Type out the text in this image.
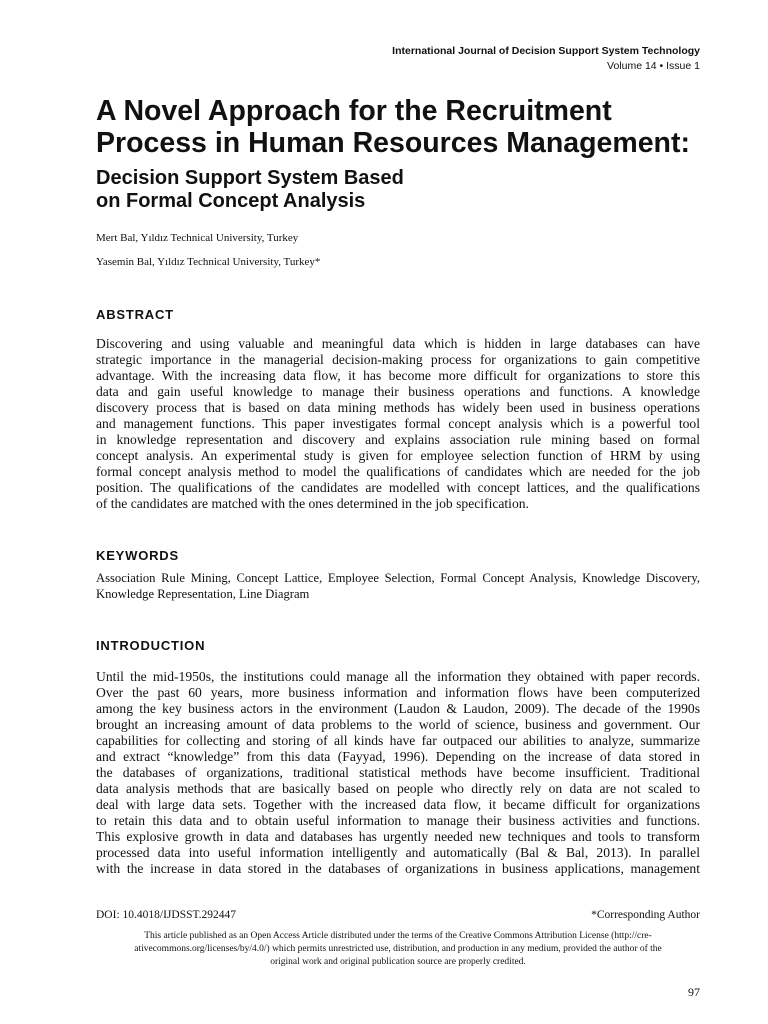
International Journal of Decision Support System Technology
Volume 14 • Issue 1
A Novel Approach for the Recruitment
Process in Human Resources Management:
Decision Support System Based
on Formal Concept Analysis
Mert Bal, Yıldız Technical University, Turkey
Yasemin Bal, Yıldız Technical University, Turkey*
ABSTRACT
Discovering and using valuable and meaningful data which is hidden in large databases can have
strategic importance in the managerial decision-making process for organizations to gain competitive
advantage. With the increasing data flow, it has become more difficult for organizations to store this
data and gain useful knowledge to manage their business operations and functions. A knowledge
discovery process that is based on data mining methods has widely been used in business operations
and management functions. This paper investigates formal concept analysis which is a powerful tool
in knowledge representation and discovery and explains association rule mining based on formal
concept analysis. An experimental study is given for employee selection function of HRM by using
formal concept analysis method to model the qualifications of candidates which are needed for the job
position. The qualifications of the candidates are modelled with concept lattices, and the qualifications
of the candidates are matched with the ones determined in the job specification.
KEYWORDS
Association Rule Mining, Concept Lattice, Employee Selection, Formal Concept Analysis, Knowledge Discovery,
Knowledge Representation, Line Diagram
INTRODUCTION
Until the mid-1950s, the institutions could manage all the information they obtained with paper records.
Over the past 60 years, more business information and information flows have been computerized
among the key business actors in the environment (Laudon & Laudon, 2009). The decade of the 1990s
brought an increasing amount of data problems to the world of science, business and government. Our
capabilities for collecting and storing of all kinds have far outpaced our abilities to analyze, summarize
and extract “knowledge” from this data (Fayyad, 1996). Depending on the increase of data stored in
the databases of organizations, traditional statistical methods have become insufficient. Traditional
data analysis methods that are basically based on people who directly rely on data are not scaled to
deal with large data sets. Together with the increased data flow, it became difficult for organizations
to retain this data and to obtain useful information to manage their business activities and functions.
This explosive growth in data and databases has urgently needed new techniques and tools to transform
processed data into useful information intelligently and automatically (Bal & Bal, 2013). In parallel
with the increase in data stored in the databases of organizations in business applications, management
DOI: 10.4018/IJDSST.292447	*Corresponding Author
This article published as an Open Access Article distributed under the terms of the Creative Commons Attribution License (http://cre-
ativecommons.org/licenses/by/4.0/) which permits unrestricted use, distribution, and production in any medium, provided the author of the
original work and original publication source are properly credited.
97
